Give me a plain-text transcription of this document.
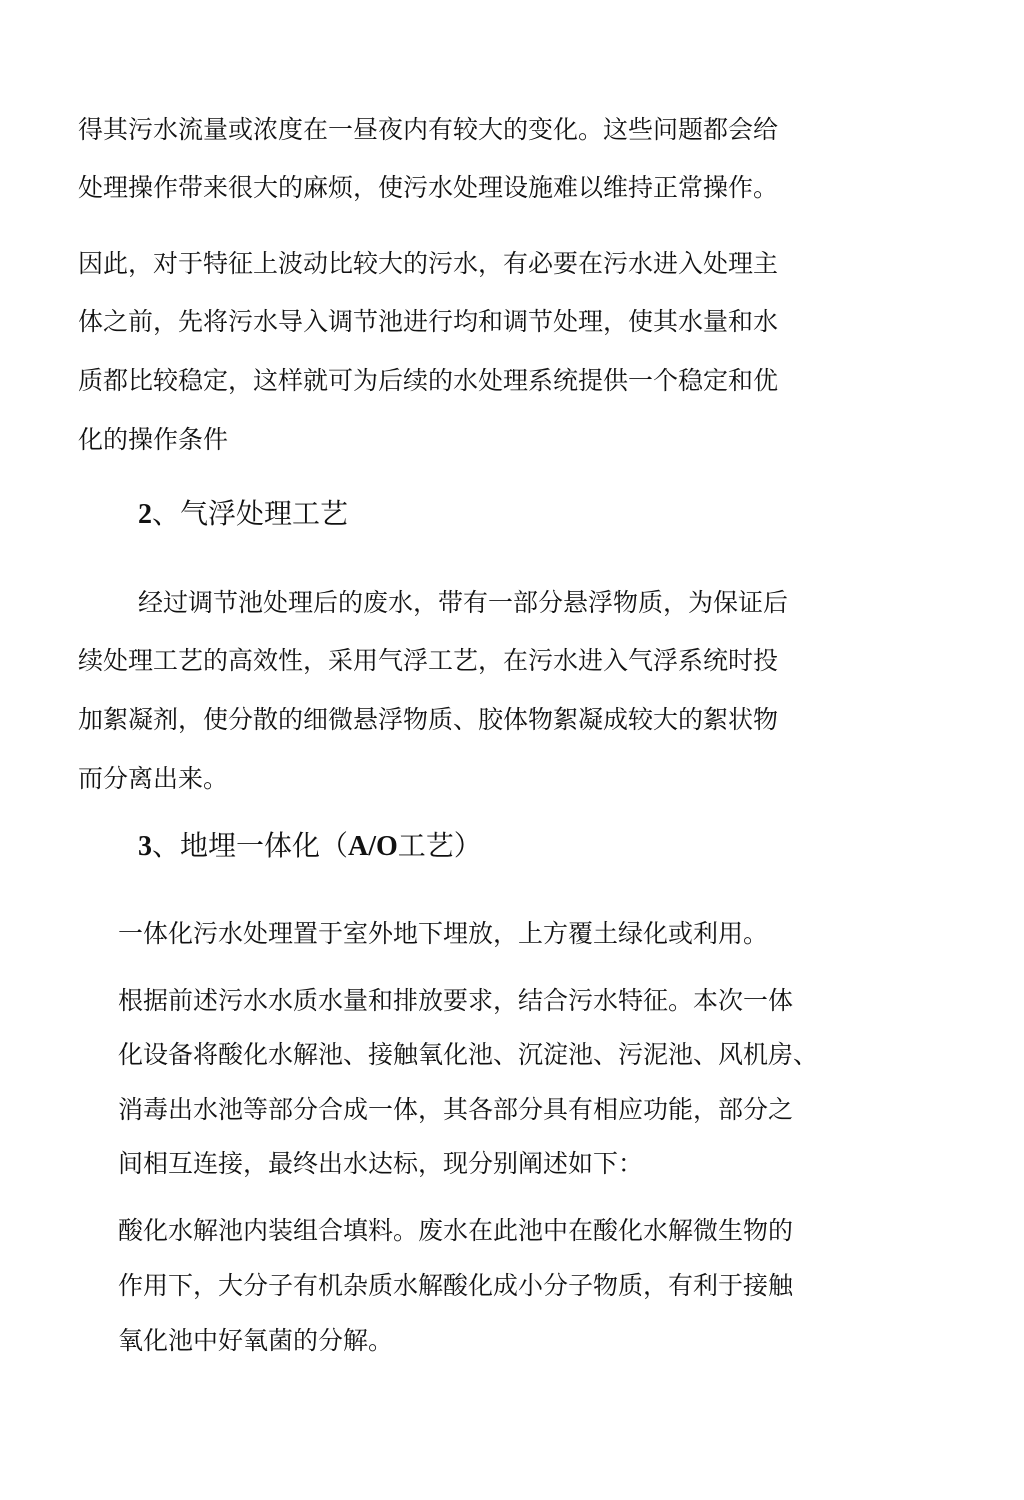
得其污水流量或浓度在一昼夜内有较大的变化。这些问题都会给
处理操作带来很大的麻烦，使污水处理设施难以维持正常操作。
因此，对于特征上波动比较大的污水，有必要在污水进入处理主
体之前，先将污水导入调节池进行均和调节处理，使其水量和水
质都比较稳定，这样就可为后续的水处理系统提供一个稳定和优
化的操作条件
2、气浮处理工艺
经过调节池处理后的废水，带有一部分悬浮物质，为保证后
续处理工艺的高效性，采用气浮工艺，在污水进入气浮系统时投
加絮凝剂，使分散的细微悬浮物质、胶体物絮凝成较大的絮状物
而分离出来。
3、地埋一体化（A/O工艺）
一体化污水处理置于室外地下埋放，上方覆土绿化或利用。
根据前述污水水质水量和排放要求，结合污水特征。本次一体
化设备将酸化水解池、接触氧化池、沉淀池、污泥池、风机房、
消毒出水池等部分合成一体，其各部分具有相应功能，部分之
间相互连接，最终出水达标，现分别阐述如下：
酸化水解池内装组合填料。废水在此池中在酸化水解微生物的
作用下，大分子有机杂质水解酸化成小分子物质，有利于接触
氧化池中好氧菌的分解。
